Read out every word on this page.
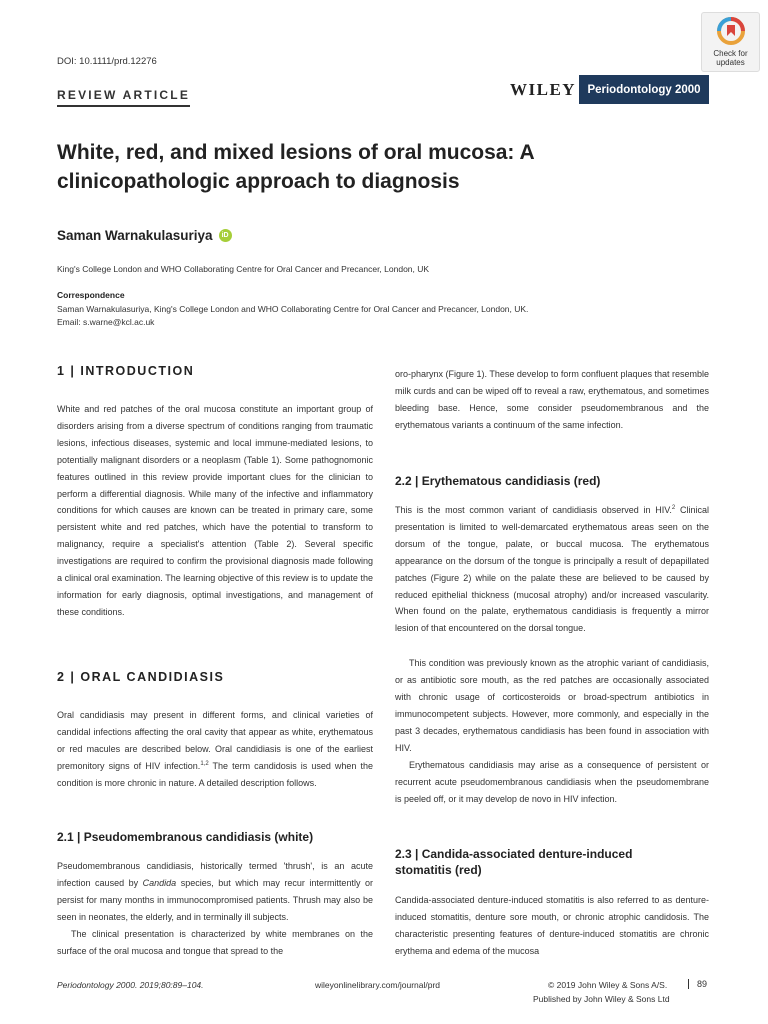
DOI: 10.1111/prd.12276
REVIEW ARTICLE	WILEY Periodontology 2000
Check for
updates
White, red, and mixed lesions of oral mucosa: A clinicopathologic approach to diagnosis
Saman Warnakulasuriya	iD
King's College London and WHO Collaborating Centre for Oral Cancer and Precancer, London, UK
Correspondence
Saman Warnakulasuriya, King's College London and WHO Collaborating Centre for Oral Cancer and Precancer, London, UK.
Email: s.warne@kcl.ac.uk
1 | INTRODUCTION

White and red patches of the oral mucosa constitute an important group of disorders arising from a diverse spectrum of conditions ranging from traumatic lesions, infectious diseases, systemic and local immune-mediated lesions, to potentially malignant disorders or a neoplasm (Table 1). Some pathognomonic features outlined in this review provide important clues for the clinician to perform a differential diagnosis. While many of the infective and inflammatory conditions for which causes are known can be treated in primary care, some persistent white and red patches, which have the potential to transform to malignancy, require a specialist's attention (Table 2). Several specific investigations are required to confirm the provisional diagnosis made following a clinical oral examination. The learning objective of this review is to update the information for early diagnosis, optimal investigations, and management of these conditions.

2 | ORAL CANDIDIASIS

Oral candidiasis may present in different forms, and clinical varieties of candidal infections affecting the oral cavity that appear as white, erythematous or red macules are described below. Oral candidiasis is one of the earliest premonitory signs of HIV infection.$^{1,2}$ The term candidosis is used when the condition is more chronic in nature. A detailed description follows.

2.1 | Pseudomembranous candidiasis (white)

Pseudomembranous candidiasis, historically termed 'thrush', is an acute infection caused by Candida species, but which may recur intermittently or persist for many months in immunocompromised patients. Thrush may also be seen in neonates, the elderly, and in terminally ill subjects.

The clinical presentation is characterized by white membranes on the surface of the oral mucosa and tongue that spread to the

oro-pharynx (Figure 1). These develop to form confluent plaques that resemble milk curds and can be wiped off to reveal a raw, erythematous, and sometimes bleeding base. Hence, some consider pseudomembranous and the erythematous variants a continuum of the same infection.

2.2 | Erythematous candidiasis (red)

This is the most common variant of candidiasis observed in HIV.$^2$ Clinical presentation is limited to well-demarcated erythematous areas seen on the dorsum of the tongue, palate, or buccal mucosa. The erythematous appearance on the dorsum of the tongue is principally a result of depapillated patches (Figure 2) while on the palate these are believed to be caused by reduced epithelial thickness (mucosal atrophy) and/or increased vascularity. When found on the palate, erythematous candidiasis is frequently a mirror lesion of that encountered on the dorsal tongue.

This condition was previously known as the atrophic variant of candidiasis, or as antibiotic sore mouth, as the red patches are occasionally associated with chronic usage of corticosteroids or broad-spectrum antibiotics in immunocompetent subjects. However, more commonly, and especially in the past 3 decades, erythematous candidiasis has been found in association with HIV.

Erythematous candidiasis may arise as a consequence of persistent or recurrent acute pseudomembranous candidiasis when the pseudomembrane is peeled off, or it may develop de novo in HIV infection.

2.3 | Candida-associated denture-induced
stomatitis (red)

Candida-associated denture-induced stomatitis is also referred to as denture-induced stomatitis, denture sore mouth, or chronic atrophic candidosis. The characteristic presenting features of denture-induced stomatitis are chronic erythema and edema of the mucosa

Periodontology 2000. 2019;80:89–104.	wileyonlinelibrary.com/journal/prd	© 2019 John Wiley & Sons A/S.	89
Published by John Wiley & Sons Ltd
